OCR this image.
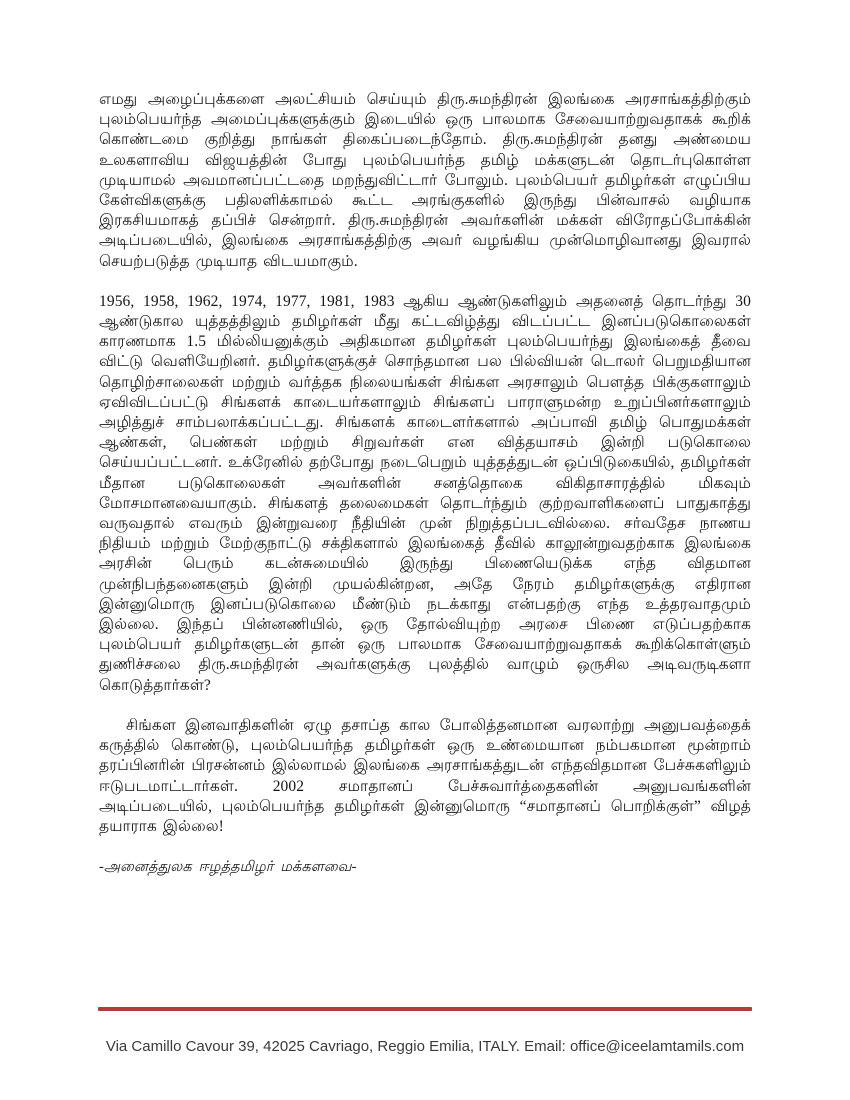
எமது அழைப்புக்களை அலட்சியம் செய்யும் திரு.சுமந்திரன் இலங்கை அரசாங்கத்திற்கும் புலம்பெயர்ந்த அமைப்புக்களுக்கும் இடையில் ஒரு பாலமாக சேவையாற்றுவதாகக் கூறிக் கொண்டமை குறித்து நாங்கள் திகைப்படைந்தோம். திரு.சுமந்திரன் தனது அண்மைய உலகளாவிய விஜயத்தின் போது புலம்பெயர்ந்த தமிழ் மக்களுடன் தொடர்புகொள்ள முடியாமல் அவமானப்பட்டதை மறந்துவிட்டார் போலும். புலம்பெயர் தமிழர்கள் எழுப்பிய கேள்விகளுக்கு பதிலளிக்காமல் கூட்ட அரங்குகளில் இருந்து பின்வாசல் வழியாக இரகசியமாகத் தப்பிச் சென்றார். திரு.சுமந்திரன் அவர்களின் மக்கள் விரோதப்போக்கின் அடிப்படையில், இலங்கை அரசாங்கத்திற்கு அவர் வழங்கிய முன்மொழிவானது இவரால் செயற்படுத்த முடியாத விடயமாகும்.

1956, 1958, 1962, 1974, 1977, 1981, 1983 ஆகிய ஆண்டுகளிலும் அதனைத் தொடர்ந்து 30 ஆண்டுகால யுத்தத்திலும் தமிழர்கள் மீது கட்டவிழ்த்து விடப்பட்ட இனப்படுகொலைகள் காரணமாக 1.5 மில்லியனுக்கும் அதிகமான தமிழர்கள் புலம்பெயர்ந்து இலங்கைத் தீவை விட்டு வெளியேறினர். தமிழர்களுக்குச் சொந்தமான பல பில்வியன் டொலர் பெறுமதியான தொழிற்சாலைகள் மற்றும் வர்த்தக நிலையங்கள் சிங்கள அரசாலும் பௌத்த பிக்குகளாலும் ஏவிவிடப்பட்டு சிங்களக் காடையர்களாலும் சிங்களப் பாராளுமன்ற உறுப்பினர்களாலும் அழித்துச் சாம்பலாக்கப்பட்டது. சிங்களக் காடைளர்களால் அப்பாவி தமிழ் பொதுமக்கள் ஆண்கள், பெண்கள் மற்றும் சிறுவர்கள் என வித்தயாசம் இன்றி படுகொலை செய்யப்பட்டனர். உக்ரேனில் தற்போது நடைபெறும் யுத்தத்துடன் ஒப்பிடுகையில், தமிழர்கள் மீதான படுகொலைகள் அவர்களின் சனத்தொகை விகிதாசாரத்தில் மிகவும் மோசமானவையாகும். சிங்களத் தலைமைகள் தொடர்ந்தும் குற்றவாளிகளைப் பாதுகாத்து வருவதால் எவரும் இன்றுவரை நீதியின் முன் நிறுத்தப்படவில்லை. சர்வதேச நாணய நிதியம் மற்றும் மேற்குநாட்டு சக்திகளால் இலங்கைத் தீவில் காலூன்றுவதற்காக இலங்கை அரசின் பெரும் கடன்சுமையில் இருந்து பிணையெடுக்க எந்த விதமான முன்நிபந்தனைகளும் இன்றி முயல்கின்றன, அதே நேரம் தமிழர்களுக்கு எதிரான இன்னுமொரு இனப்படுகொலை மீண்டும் நடக்காது என்பதற்கு எந்த உத்தரவாதமும் இல்லை. இந்தப் பின்னணியில், ஒரு தோல்வியுற்ற அரசை பிணை எடுப்பதற்காக புலம்பெயர் தமிழர்களுடன் தான் ஒரு பாலமாக சேவையாற்றுவதாகக் கூறிக்கொள்ளும் துணிச்சலை திரு.சுமந்திரன் அவர்களுக்கு புலத்தில் வாழும் ஒருசில அடிவருடிகளா கொடுத்தார்கள்?

சிங்கள இனவாதிகளின் ஏழு தசாப்த கால போலித்தனமான வரலாற்று அனுபவத்தைக் கருத்தில் கொண்டு, புலம்பெயர்ந்த தமிழர்கள் ஒரு உண்மையான நம்பகமான மூன்றாம் தரப்பினரின் பிரசன்னம் இல்லாமல் இலங்கை அரசாங்கத்துடன் எந்தவிதமான பேச்சுகளிலும் ஈடுபடமாட்டார்கள். 2002 சமாதானப் பேச்சுவார்த்தைகளின் அனுபவங்களின் அடிப்படையில், புலம்பெயர்ந்த தமிழர்கள் இன்னுமொரு “சமாதானப் பொறிக்குள்” விழத் தயாராக இல்லை!

-அனைத்துலக ஈழத்தமிழர் மக்களவை-
Via Camillo Cavour 39, 42025 Cavriago, Reggio Emilia, ITALY. Email: office@iceelamtamils.com
